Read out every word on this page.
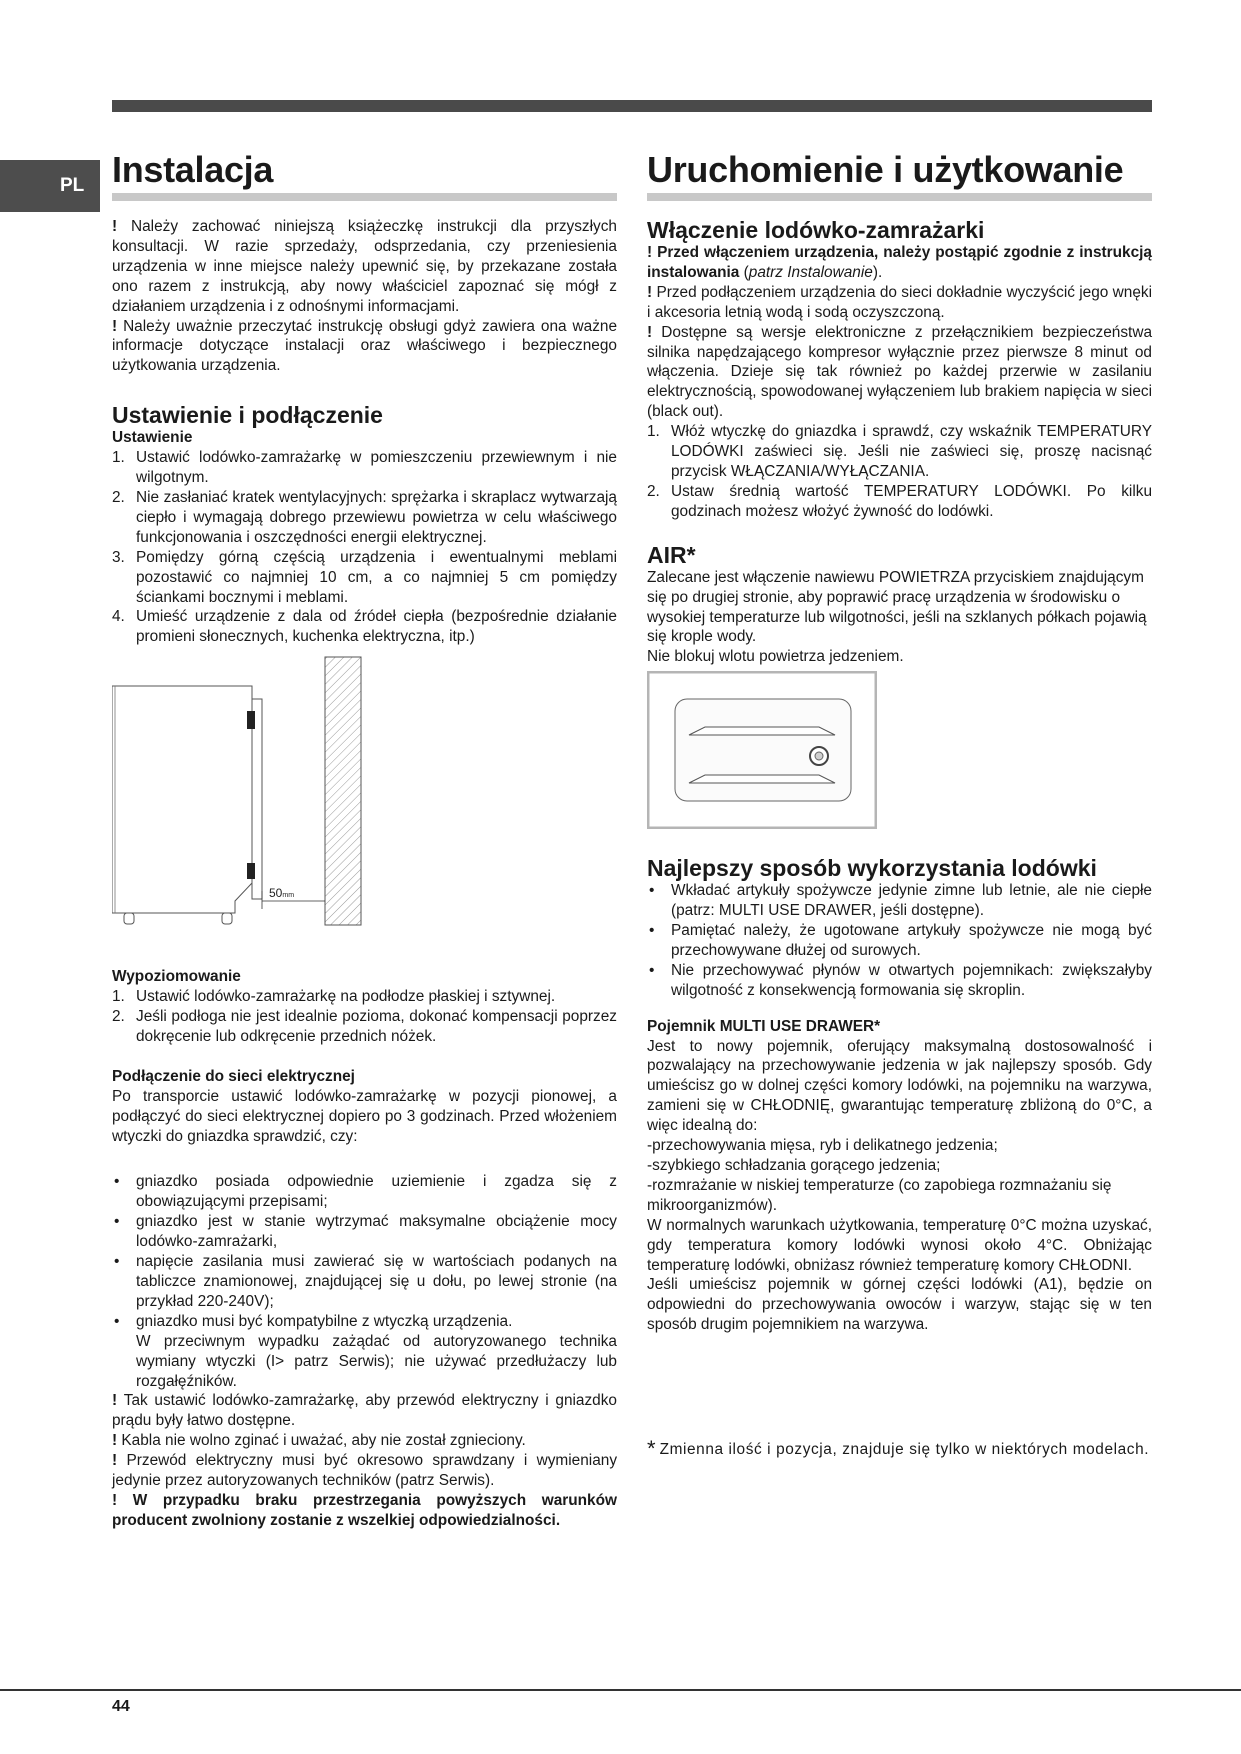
PL Instalacja

! Należy zachować niniejszą książeczkę instrukcji dla przyszłych konsultacji. W razie sprzedaży, odsprzedania, czy przeniesienia urządzenia w inne miejsce należy upewnić się, by przekazane została ono razem z instrukcją, aby nowy właściciel zapoznać się mógł z działaniem urządzenia i z odnośnymi informacjami.

! Należy uważnie przeczytać instrukcję obsługi gdyż zawiera ona ważne informacje dotyczące instalacji oraz właściwego i bezpiecznego użytkowania urządzenia.

Ustawienie i podłączenie
Ustawienie
1. Ustawić lodówko-zamrażarkę w pomieszczeniu przewiewnym i nie wilgotnym.
2. Nie zasłaniać kratek wentylacyjnych: sprężarka i skraplacz wytwarzają ciepło i wymagają dobrego przewiewu powietrza w celu właściwego funkcjonowania i oszczędności energii elektrycznej.
3. Pomiędzy górną częścią urządzenia i ewentualnymi meblami pozostawić co najmniej 10 cm, a co najmniej 5 cm pomiędzy ściankami bocznymi i meblami.
4. Umieść urządzenie z dala od źródeł ciepła (bezpośrednie działanie promieni słonecznych, kuchenka elektryczna, itp.)
50mm
Wypoziomowanie
1. Ustawić lodówko-zamrażarkę na podłodze płaskiej i sztywnej.
2. Jeśli podłoga nie jest idealnie pozioma, dokonać kompensacji poprzez dokręcenie lub odkręcenie przednich nóżek.
Podłączenie do sieci elektrycznej

Po transporcie ustawić lodówko-zamrażarkę w pozycji pionowej, a podłączyć do sieci elektrycznej dopiero po 3 godzinach. Przed włożeniem wtyczki do gniazdka sprawdzić, czy:

• gniazdko posiada odpowiednie uziemienie i zgadza się z obowiązującymi przepisami;
• gniazdko jest w stanie wytrzymać maksymalne obciążenie mocy lodówko-zamrażarki,
• napięcie zasilania musi zawierać się w wartościach podanych na tabliczce znamionowej, znajdującej się u dołu, po lewej stronie (na przykład 220-240V);
• gniazdko musi być kompatybilne z wtyczką urządzenia.
W przeciwnym wypadku zażądać od autoryzowanego technika wymiany wtyczki (I> patrz Serwis); nie używać przedłużaczy lub rozgałęźników.

! Tak ustawić lodówko-zamrażarkę, aby przewód elektryczny i gniazdko prądu były łatwo dostępne.

! Kabla nie wolno zginać i uważać, aby nie został zgnieciony.

! Przewód elektryczny musi być okresowo sprawdzany i wymieniany jedynie przez autoryzowanych techników (patrz Serwis).

! W przypadku braku przestrzegania powyższych warunków producent zwolniony zostanie z wszelkiej odpowiedzialności.

Uruchomienie i użytkowanie
Włączenie lodówko-zamrażarki

! Przed włączeniem urządzenia, należy postąpić zgodnie z instrukcją instalowania (patrz Instalowanie).

! Przed podłączeniem urządzenia do sieci dokładnie wyczyścić jego wnęki i akcesoria letnią wodą i sodą oczyszczoną.

! Dostępne są wersje elektroniczne z przełącznikiem bezpieczeństwa silnika napędzającego kompresor wyłącznie przez pierwsze 8 minut od włączenia. Dzieje się tak również po każdej przerwie w zasilaniu elektrycznością, spowodowanej wyłączeniem lub brakiem napięcia w sieci (black out).

1. Włóż wtyczkę do gniazdka i sprawdź, czy wskaźnik TEMPERATURY LODÓWKI zaświeci się. Jeśli nie zaświeci się, proszę nacisnąć przycisk WŁĄCZANIA/WYŁĄCZANIA.
2. Ustaw średnią wartość TEMPERATURY LODÓWKI. Po kilku godzinach możesz włożyć żywność do lodówki.
AIR*

Zalecane jest włączenie nawiewu POWIETRZA przyciskiem znajdującym się po drugiej stronie, aby poprawić pracę urządzenia w środowisku o wysokiej temperaturze lub wilgotności, jeśli na szklanych półkach pojawią się krople wody.

Nie blokuj wlotu powietrza jedzeniem.

Najlepszy sposób wykorzystania lodówki
• Wkładać artykuły spożywcze jedynie zimne lub letnie, ale nie ciepłe (patrz: MULTI USE DRAWER, jeśli dostępne).
• Pamiętać należy, że ugotowane artykuły spożywcze nie mogą być przechowywane dłużej od surowych.
• Nie przechowywać płynów w otwartych pojemnikach: zwiększałyby wilgotność z konsekwencją formowania się skroplin.
Pojemnik MULTI USE DRAWER*

Jest to nowy pojemnik, oferujący maksymalną dostosowalność i pozwalający na przechowywanie jedzenia w jak najlepszy sposób. Gdy umieścisz go w dolnej części komory lodówki, na pojemniku na warzywa, zamieni się w CHŁODNIĘ, gwarantując temperaturę zbliżoną do 0°C, a więc idealną do:

-przechowywania mięsa, ryb i delikatnego jedzenia;
-szybkiego schładzania gorącego jedzenia;
-rozmrażanie w niskiej temperaturze (co zapobiega rozmnażaniu się mikroorganizmów).

W normalnych warunkach użytkowania, temperaturę 0°C można uzyskać, gdy temperatura komory lodówki wynosi około 4°C. Obniżając temperaturę lodówki, obniżasz również temperaturę komory CHŁODNI.

Jeśli umieścisz pojemnik w górnej części lodówki (A1), będzie on odpowiedni do przechowywania owoców i warzyw, stając się w ten sposób drugim pojemnikiem na warzywa.

* Zmienna ilość i pozycja, znajduje się tylko w niektórych modelach.

44
